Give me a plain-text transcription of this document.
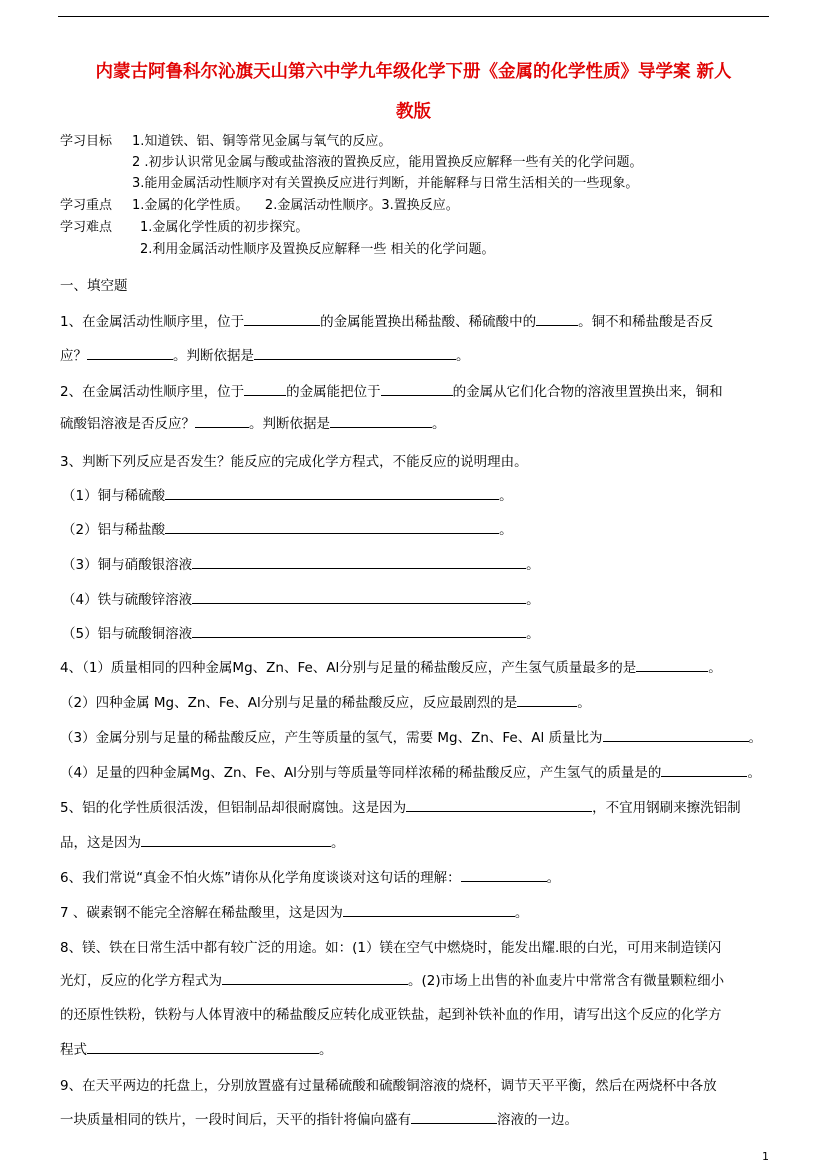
内蒙古阿鲁科尔沁旗天山第六中学九年级化学下册《金属的化学性质》导学案 新人
教版
学习目标 1.知道铁、铝、铜等常见金属与氧气的反应。
2 .初步认识常见金属与酸或盐溶液的置换反应，能用置换反应解释一些有关的化学问题。
3.能用金属活动性顺序对有关置换反应进行判断，并能解释与日常生活相关的一些现象。
学习重点 1.金属的化学性质。    2.金属活动性顺序。3.置换反应。
学习难点 1.金属化学性质的初步探究。
2.利用金属活动性顺序及置换反应解释一些 相关的化学问题。
一、填空题
1、在金属活动性顺序里，位于	的金属能置换出稀盐酸、稀硫酸中的	。铜不和稀盐酸是否反
应？	。判断依据是	。
2、在金属活动性顺序里，位于	的金属能把位于	的金属从它们化合物的溶液里置换出来，铜和
硫酸铝溶液是否反应？	。判断依据是	。
3、判断下列反应是否发生？能反应的完成化学方程式，不能反应的说明理由。
（1）铜与稀硫酸	。
（2）铝与稀盐酸	。
（3）铜与硝酸银溶液	。
（4）铁与硫酸锌溶液	。
（5）铝与硫酸铜溶液	。
4、（1）质量相同的四种金属Mg、Zn、Fe、Al分别与足量的稀盐酸反应，产生氢气质量最多的是	。
（2）四种金属 Mg、Zn、Fe、Al分别与足量的稀盐酸反应，反应最剧烈的是	。
（3）金属分别与足量的稀盐酸反应，产生等质量的氢气，需要 Mg、Zn、Fe、Al 质量比为	。
（4）足量的四种金属Mg、Zn、Fe、Al分别与等质量等同样浓稀的稀盐酸反应，产生氢气的质量是的	。
5、铝的化学性质很活泼，但铝制品却很耐腐蚀。这是因为	，不宜用钢刷来擦洗铝制
品，这是因为	。
6、我们常说“真金不怕火炼”请你从化学角度谈谈对这句话的理解：	。
7 、碳素钢不能完全溶解在稀盐酸里，这是因为	。
8、镁、铁在日常生活中都有较广泛的用途。如：(1）镁在空气中燃烧时，能发出耀.眼的白光，可用来制造镁闪
光灯，反应的化学方程式为	。(2)市场上出售的补血麦片中常常含有微量颗粒细小
的还原性铁粉，铁粉与人体胃液中的稀盐酸反应转化成亚铁盐，起到补铁补血的作用，请写出这个反应的化学方
程式	。
9、在天平两边的托盘上，分别放置盛有过量稀硫酸和硫酸铜溶液的烧杯，调节天平平衡，然后在两烧杯中各放
一块质量相同的铁片，一段时间后，天平的指针将偏向盛有	溶液的一边。
1
